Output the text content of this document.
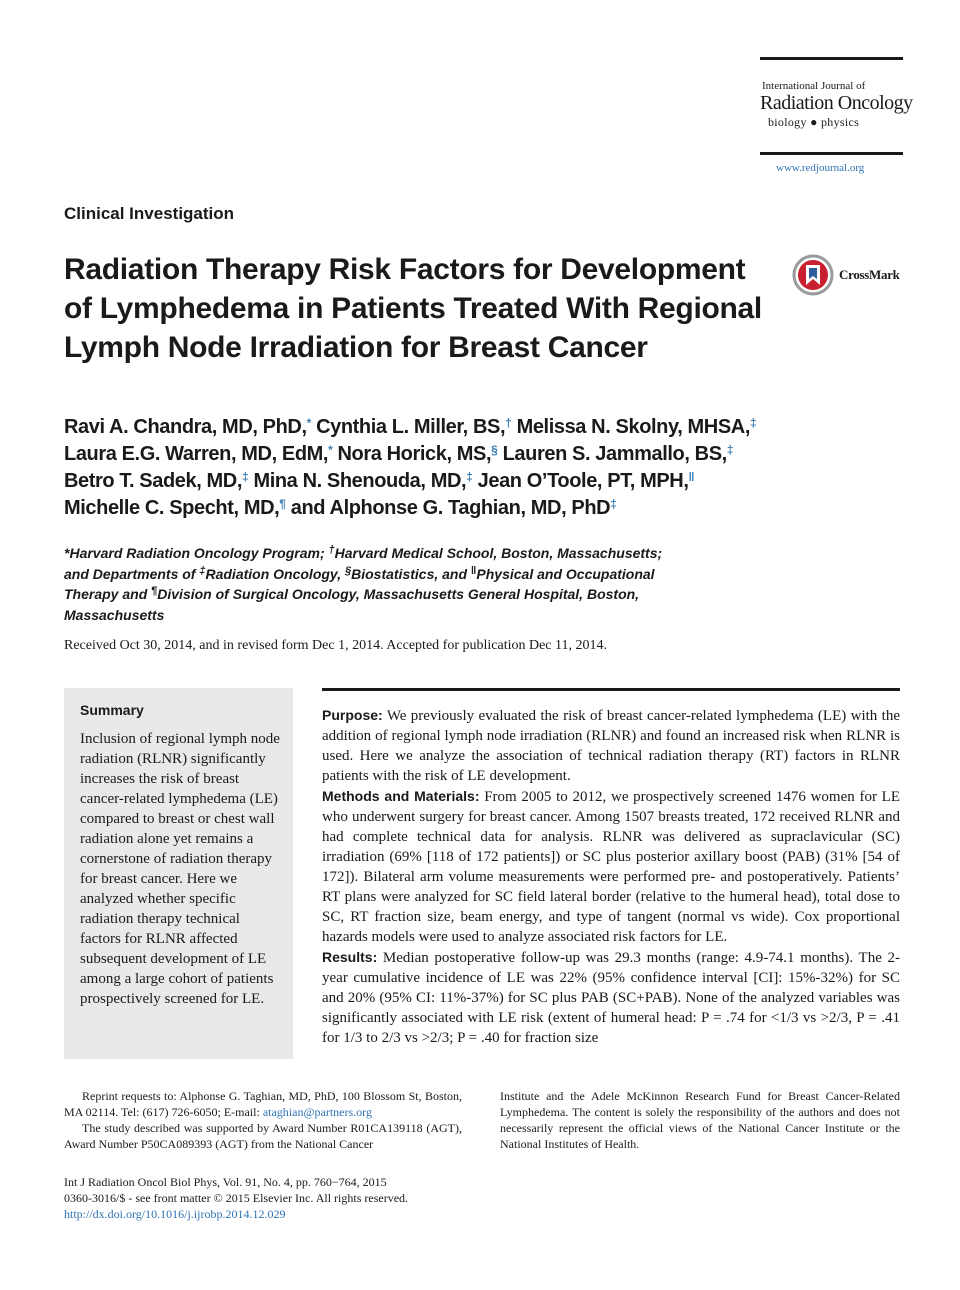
International Journal of
Radiation Oncology
biology ● physics
www.redjournal.org
Clinical Investigation
Radiation Therapy Risk Factors for Development of Lymphedema in Patients Treated With Regional Lymph Node Irradiation for Breast Cancer
CrossMark
Ravi A. Chandra, MD, PhD,* Cynthia L. Miller, BS,† Melissa N. Skolny, MHSA,‡
Laura E.G. Warren, MD, EdM,* Nora Horick, MS,§ Lauren S. Jammallo, BS,‡
Betro T. Sadek, MD,‡ Mina N. Shenouda, MD,‡ Jean O’Toole, PT, MPH,‖
Michelle C. Specht, MD,¶ and Alphonse G. Taghian, MD, PhD‡
*Harvard Radiation Oncology Program; †Harvard Medical School, Boston, Massachusetts;
and Departments of ‡Radiation Oncology, §Biostatistics, and ‖Physical and Occupational Therapy and ¶Division of Surgical Oncology, Massachusetts General Hospital, Boston, Massachusetts
Received Oct 30, 2014, and in revised form Dec 1, 2014. Accepted for publication Dec 11, 2014.
Summary
Inclusion of regional lymph node radiation (RLNR) significantly increases the risk of breast cancer-related lymphedema (LE) compared to breast or chest wall radiation alone yet remains a cornerstone of radiation therapy for breast cancer. Here we analyzed whether specific radiation therapy technical factors for RLNR affected subsequent development of LE among a large cohort of patients prospectively screened for LE.

Purpose: We previously evaluated the risk of breast cancer-related lymphedema (LE) with the addition of regional lymph node irradiation (RLNR) and found an increased risk when RLNR is used. Here we analyze the association of technical radiation therapy (RT) factors in RLNR patients with the risk of LE development.

Methods and Materials: From 2005 to 2012, we prospectively screened 1476 women for LE who underwent surgery for breast cancer. Among 1507 breasts treated, 172 received RLNR and had complete technical data for analysis. RLNR was delivered as supraclavicular (SC) irradiation (69% [118 of 172 patients]) or SC plus posterior axillary boost (PAB) (31% [54 of 172]). Bilateral arm volume measurements were performed pre- and postoperatively. Patients’ RT plans were analyzed for SC field lateral border (relative to the humeral head), total dose to SC, RT fraction size, beam energy, and type of tangent (normal vs wide). Cox proportional hazards models were used to analyze associated risk factors for LE.

Results: Median postoperative follow-up was 29.3 months (range: 4.9-74.1 months). The 2-year cumulative incidence of LE was 22% (95% confidence interval [CI]: 15%-32%) for SC and 20% (95% CI: 11%-37%) for SC plus PAB (SC+PAB). None of the analyzed variables was significantly associated with LE risk (extent of humeral head: P = .74 for <1/3 vs >2/3, P = .41 for 1/3 to 2/3 vs >2/3; P = .40 for fraction size

Reprint requests to: Alphonse G. Taghian, MD, PhD, 100 Blossom St, Boston, MA 02114. Tel: (617) 726-6050; E-mail: ataghian@partners.org

The study described was supported by Award Number R01CA139118 (AGT), Award Number P50CA089393 (AGT) from the National Cancer

Institute and the Adele McKinnon Research Fund for Breast Cancer-Related Lymphedema. The content is solely the responsibility of the authors and does not necessarily represent the official views of the National Cancer Institute or the National Institutes of Health.
Int J Radiation Oncol Biol Phys, Vol. 91, No. 4, pp. 760−764, 2015
0360-3016/$ - see front matter © 2015 Elsevier Inc. All rights reserved.
http://dx.doi.org/10.1016/j.ijrobp.2014.12.029
